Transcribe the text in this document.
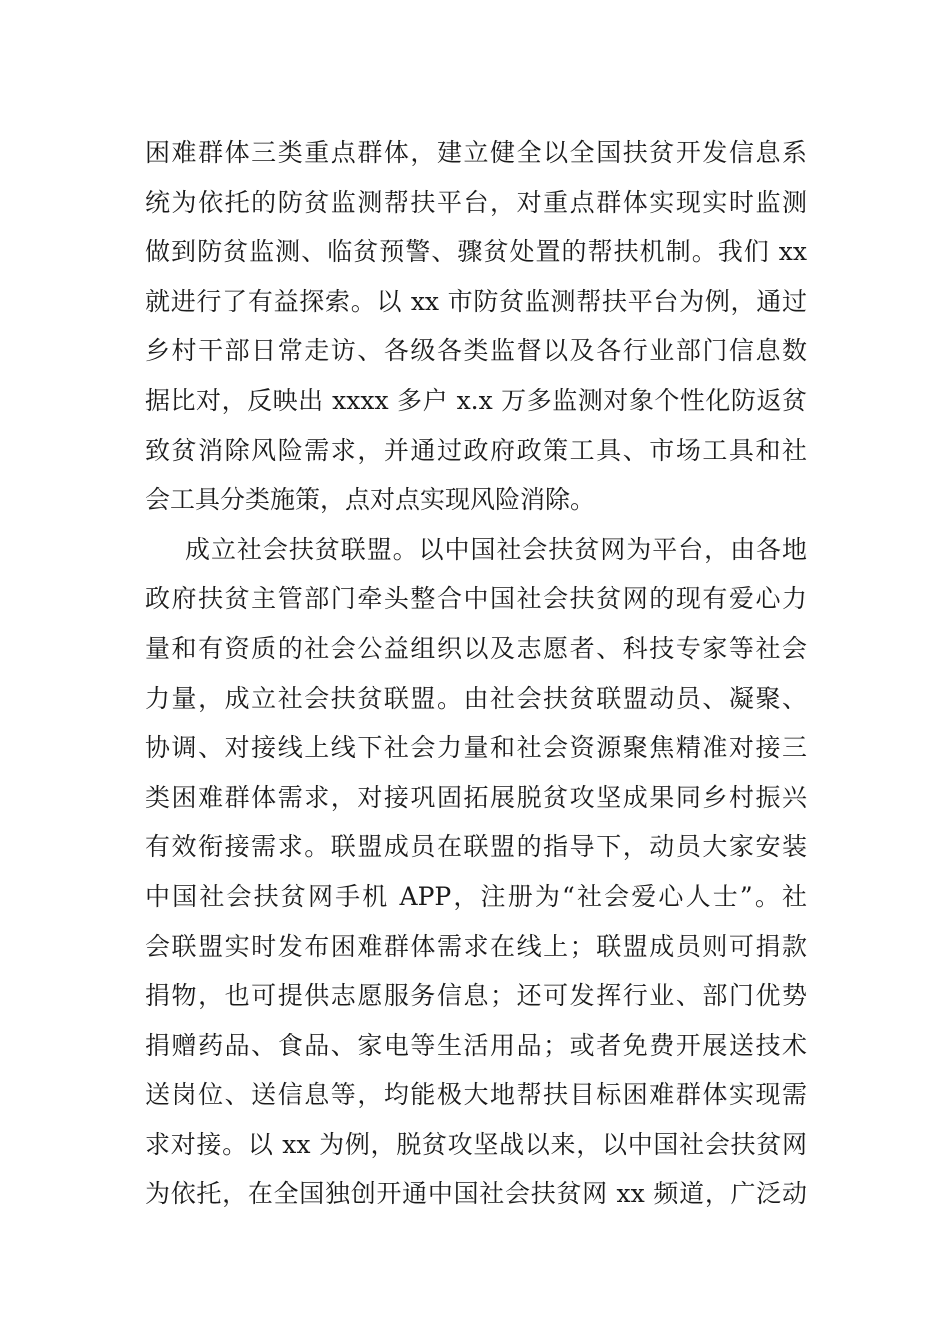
困难群体三类重点群体，建立健全以全国扶贫开发信息系
统为依托的防贫监测帮扶平台，对重点群体实现实时监测
做到防贫监测、临贫预警、骤贫处置的帮扶机制。我们 xx
就进行了有益探索。以 xx 市防贫监测帮扶平台为例，通过
乡村干部日常走访、各级各类监督以及各行业部门信息数
据比对，反映出 xxxx 多户 x.x 万多监测对象个性化防返贫
致贫消除风险需求，并通过政府政策工具、市场工具和社
会工具分类施策，点对点实现风险消除。
成立社会扶贫联盟。以中国社会扶贫网为平台，由各地
政府扶贫主管部门牵头整合中国社会扶贫网的现有爱心力
量和有资质的社会公益组织以及志愿者、科技专家等社会
力量，成立社会扶贫联盟。由社会扶贫联盟动员、凝聚、
协调、对接线上线下社会力量和社会资源聚焦精准对接三
类困难群体需求，对接巩固拓展脱贫攻坚成果同乡村振兴
有效衔接需求。联盟成员在联盟的指导下，动员大家安装
中国社会扶贫网手机 APP，注册为“社会爱心人士”。社
会联盟实时发布困难群体需求在线上；联盟成员则可捐款
捐物，也可提供志愿服务信息；还可发挥行业、部门优势
捐赠药品、食品、家电等生活用品；或者免费开展送技术
送岗位、送信息等，均能极大地帮扶目标困难群体实现需
求对接。以 xx 为例，脱贫攻坚战以来，以中国社会扶贫网
为依托，在全国独创开通中国社会扶贫网 xx 频道，广泛动
